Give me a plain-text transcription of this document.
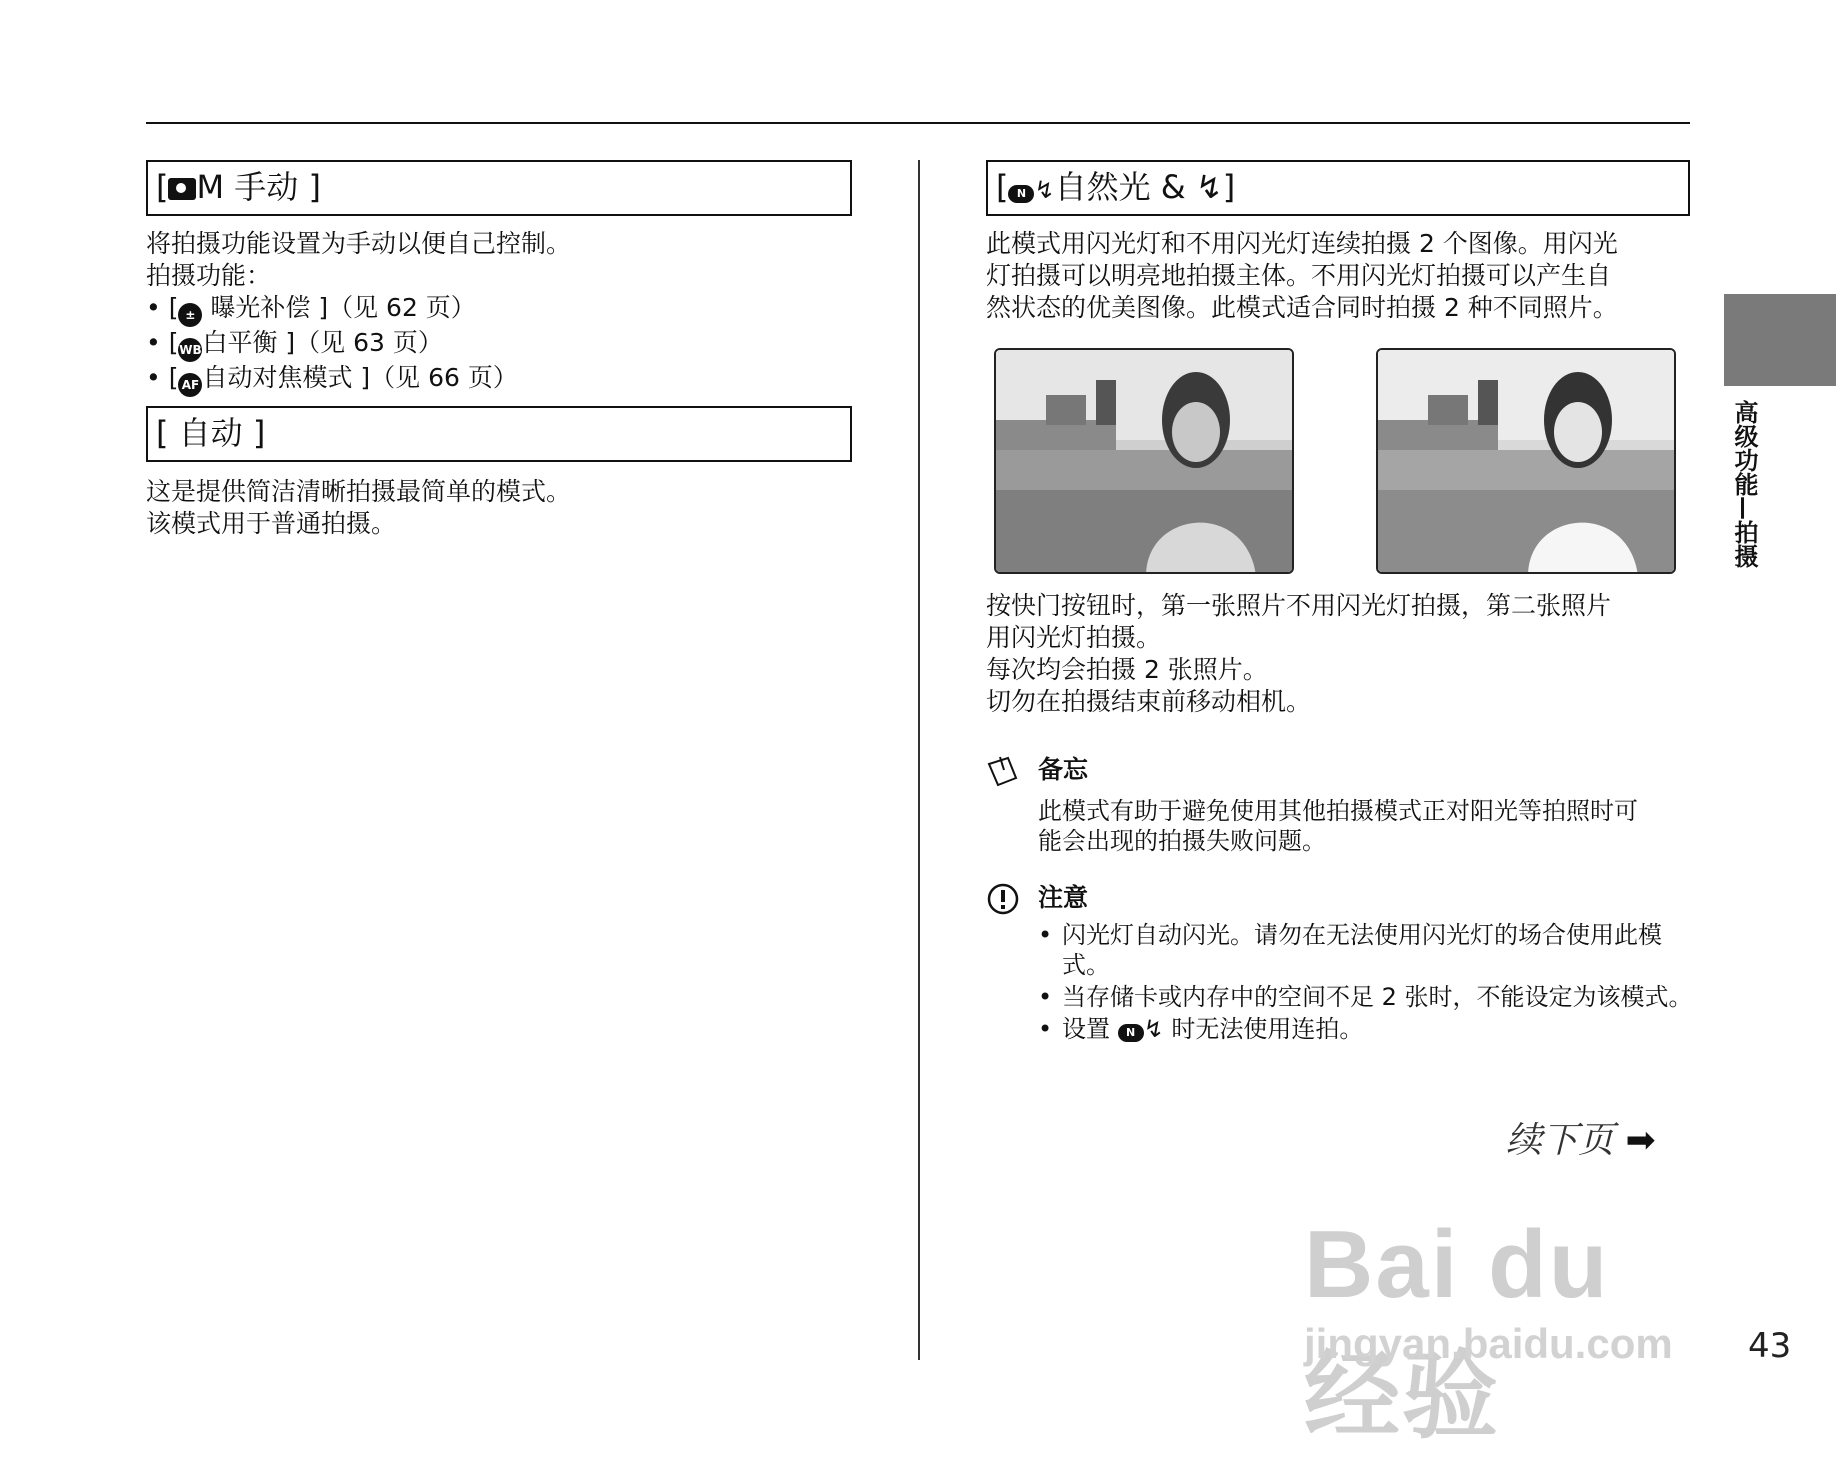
[ M 手动 ]

将拍摄功能设置为手动以便自己控制。

拍摄功能：

• [ ± 曝光补偿 ]（见 62 页）
• [WB白平衡 ]（见 63 页）
• [ AF 自动对焦模式 ]（见 66 页）
[ 自动 ]

这是提供简洁清晰拍摄最简单的模式。

该模式用于普通拍摄。

[ N ↯自然光 & ↯]

此模式用闪光灯和不用闪光灯连续拍摄 2 个图像。用闪光

灯拍摄可以明亮地拍摄主体。不用闪光灯拍摄可以产生自

然状态的优美图像。此模式适合同时拍摄 2 种不同照片。

按快门按钮时，第一张照片不用闪光灯拍摄，第二张照片

用闪光灯拍摄。

每次均会拍摄 2 张照片。

切勿在拍摄结束前移动相机。

备忘

此模式有助于避免使用其他拍摄模式正对阳光等拍照时可

能会出现的拍摄失败问题。

注意
• 闪光灯自动闪光。请勿在无法使用闪光灯的场合使用此模式。
• 当存储卡或内存中的空间不足 2 张时，不能设定为该模式。
• 设置 N ↯ 时无法使用连拍。
高级功能—拍摄
续下页 ➡
Bai du 经验
jingyan.baidu.com 43
